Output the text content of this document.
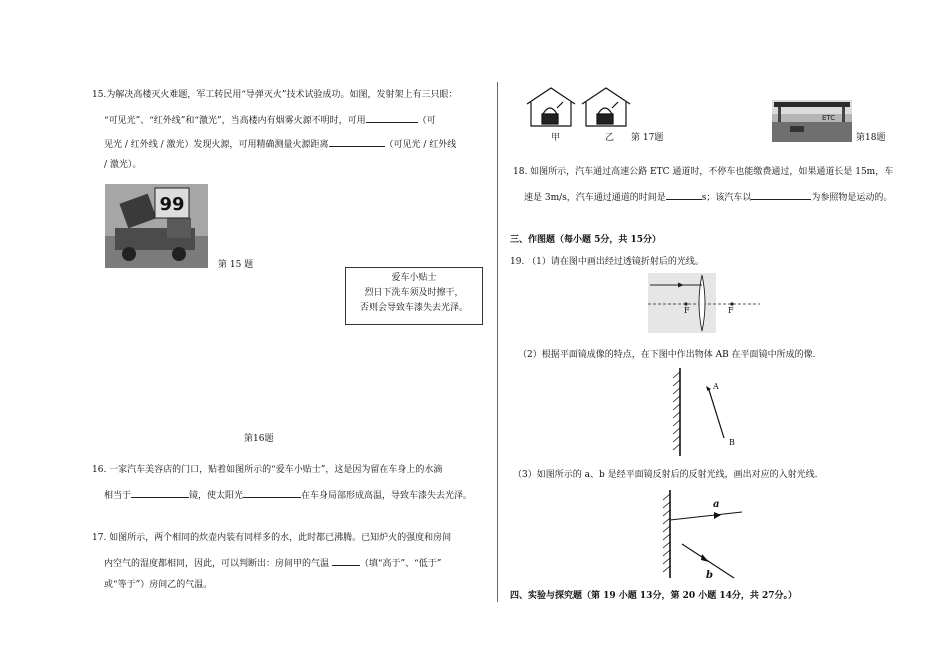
15.为解决高楼灭火难题，军工转民用“导弹灭火”技术试验成功。如图，发射架上有三只眼：
“可见光”、“红外线”和“激光”，当高楼内有烟雾火源不明时，可用	（可
见光 / 红外线 / 激光）发现火源，可用精确测量火源距离	（可见光 / 红外线
/ 激光）。
99
第 15 题
爱车小贴士
烈日下洗车须及时擦干，
否则会导致车漆失去光泽。
第16题
16. 一家汽车美容店的门口，贴着如图所示的“爱车小贴士”，这是因为留在车身上的水滴
相当于	镜，使太阳光	在车身局部形成高温，导致车漆失去光泽。
17. 如图所示，两个相同的炊壶内装有同样多的水，此时都已沸腾。已知炉火的强度和房间
内空气的湿度都相同，因此，可以判断出：房间甲的气温	（填“高于”、“低于”
或“等于”）房间乙的气温。
甲	乙 第 17题
ETC
第18题
18. 如图所示，汽车通过高速公路 ETC 通道时，不停车也能缴费通过，如果通道长是 15m，车
速是 3m/s，汽车通过通道的时间是	s；该汽车以	为参照物是运动的。
三、作图题（每小题 5分，共 15分）
19. （1）请在图中画出经过透镜折射后的光线。
F	F
（2）根据平面镜成像的特点，在下图中作出物体 AB 在平面镜中所成的像.
A
B
（3）如图所示的 a、b 是经平面镜反射后的反射光线，画出对应的入射光线.
a
b
四、实验与探究题（第 19 小题 13分，第 20 小题 14分，共 27分。）
